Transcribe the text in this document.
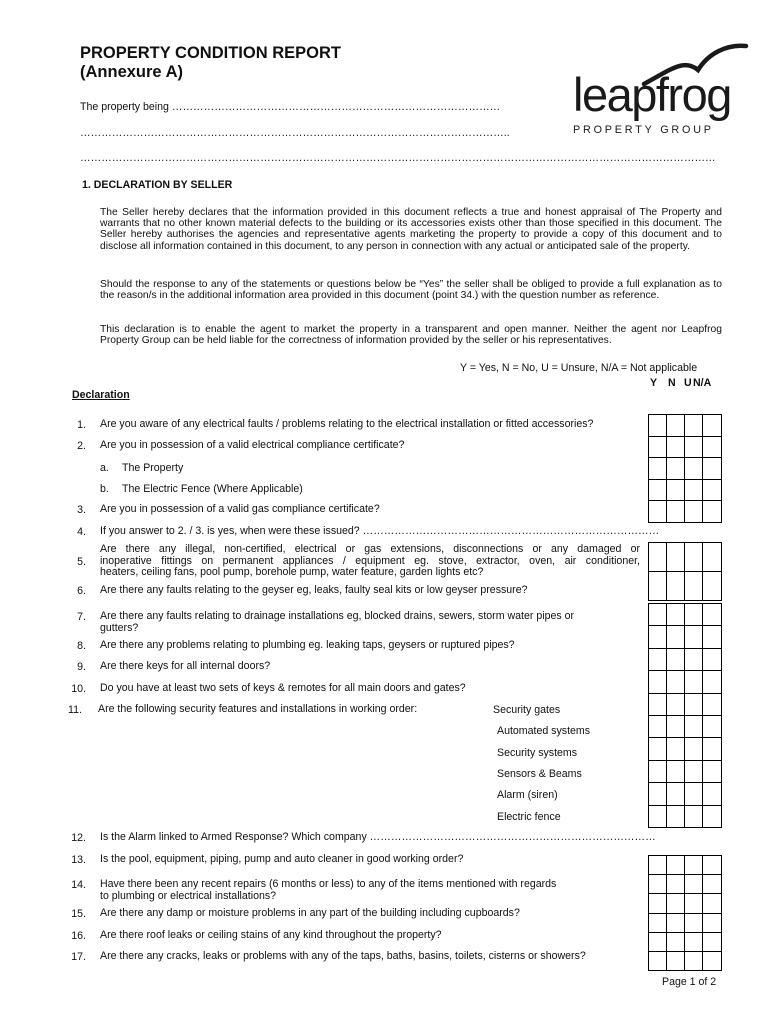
PROPERTY CONDITION REPORT
(Annexure A)	leapfrog
PROPERTY GROUP
The property being …………………………………………………………………………………
…………………………………………………………………………………………………………..
………………………………………………………………………………………………………………………………………………………………
1. DECLARATION BY SELLER
The Seller hereby declares that the information provided in this document reflects a true and honest appraisal of The Property and warrants that no other known material defects to the building or its accessories exists other than those specified in this document. The Seller hereby authorises the agencies and representative agents marketing the property to provide a copy of this document and to disclose all information contained in this document, to any person in connection with any actual or anticipated sale of the property.
Should the response to any of the statements or questions below be “Yes” the seller shall be obliged to provide a full explanation as to the reason/s in the additional information area provided in this document (point 34.) with the question number as reference.
This declaration is to enable the agent to market the property in a transparent and open manner. Neither the agent nor Leapfrog Property Group can be held liable for the correctness of information provided by the seller or his representatives.
Y = Yes, N = No, U = Unsure, N/A = Not applicable
Y N U N/A
Declaration
1. Are you aware of any electrical faults / problems relating to the electrical installation or fitted accessories?
2. Are you in possession of a valid electrical compliance certificate?
a. The Property
b. The Electric Fence (Where Applicable)
3. Are you in possession of a valid gas compliance certificate?
4. If you answer to 2. / 3. is yes, when were these issued? …………………………………………………………………………
5.
Are there any illegal, non-certified, electrical or gas extensions, disconnections or any damaged or
inoperative fittings on permanent appliances / equipment eg. stove, extractor, oven, air conditioner,
heaters, ceiling fans, pool pump, borehole pump, water feature, garden lights etc?
6. Are there any faults relating to the geyser eg, leaks, faulty seal kits or low geyser pressure?
7. Are there any faults relating to drainage installations eg, blocked drains, sewers, storm water pipes or
gutters?
8. Are there any problems relating to plumbing eg. leaking taps, geysers or ruptured pipes?
9. Are there keys for all internal doors?
10. Do you have at least two sets of keys & remotes for all main doors and gates?
11. Are the following security features and installations in working order:	Security gates
Automated systems
Security systems
Sensors & Beams
Alarm (siren)
Electric fence
12. Is the Alarm linked to Armed Response? Which company ………………………………………………………………………
13. Is the pool, equipment, piping, pump and auto cleaner in good working order?
14. Have there been any recent repairs (6 months or less) to any of the items mentioned with regards
to plumbing or electrical installations?
15. Are there any damp or moisture problems in any part of the building including cupboards?
16. Are there roof leaks or ceiling stains of any kind throughout the property?
17. Are there any cracks, leaks or problems with any of the taps, baths, basins, toilets, cisterns or showers?
Page 1 of 2
